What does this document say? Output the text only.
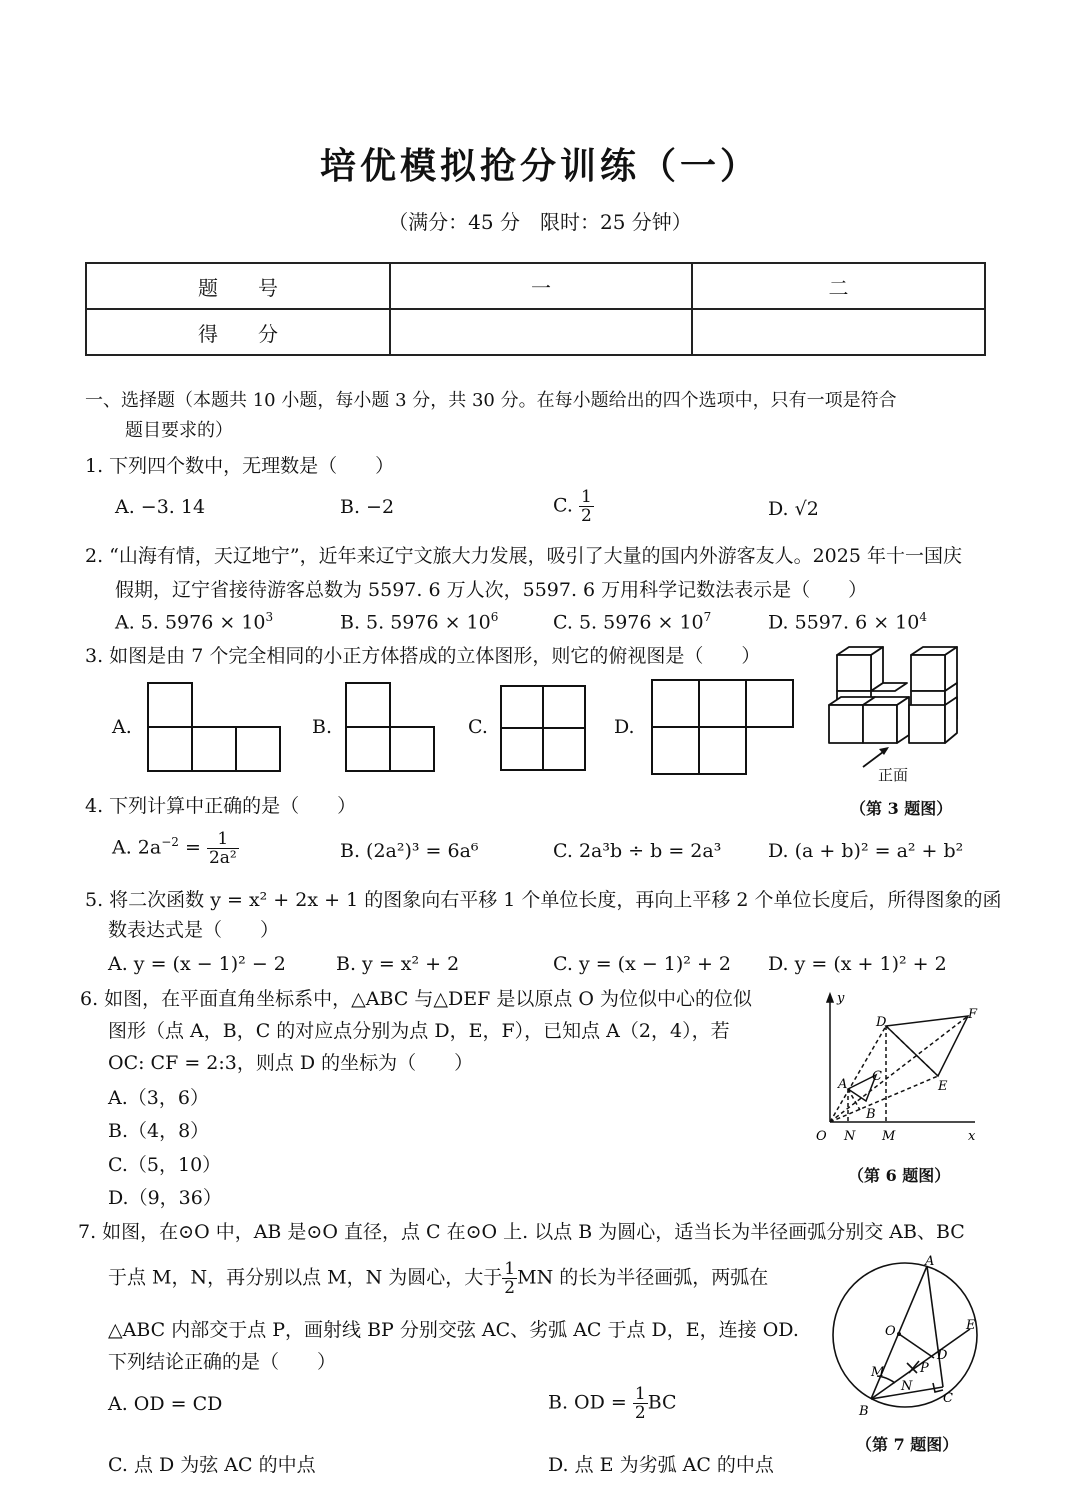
培优模拟抢分训练（一）
（满分：45 分　限时：25 分钟）
题　　号	一	二
得　　分		
一、选择题（本题共 10 小题，每小题 3 分，共 30 分。在每小题给出的四个选项中，只有一项是符合
题目要求的）
1. 下列四个数中，无理数是（　　）
A. −3. 14	B. −2	C. $\frac{1}{2}$	D. √2
2. “山海有情，天辽地宁”，近年来辽宁文旅大力发展，吸引了大量的国内外游客友人。2025 年十一国庆
假期，辽宁省接待游客总数为 5597. 6 万人次，5597. 6 万用科学记数法表示是（　　）
A. 5. $5976 \times 10^3$	B. 5. $5976 \times 10^6$	C. 5. $5976 \times 10^7$	D. 5597. $6 \times 10^4$
3. 如图是由 7 个完全相同的小正方体搭成的立体图形，则它的俯视图是（　　）
A.	B.	C.	D.
正面
（第 3 题图）
4. 下列计算中正确的是（　　）
A. $2a^{-2} = \frac{1}{\text{2a²}}$	B. (2a²)³ = 6a⁶	C. 2a³b ÷ b = 2a³ D. (a + b)² = a² + b²
5. 将二次函数 y = x² + 2x + 1 的图象向右平移 1 个单位长度，再向上平移 2 个单位长度后，所得图象的函
数表达式是（　　）
A. y = (x − 1)² − 2	B. y = x² + 2	C. y = (x − 1)² + 2 D. y = (x + 1)² + 2
6. 如图，在平面直角坐标系中，△ABC 与△DEF 是以原点 O 为位似中心的位似
图形（点 A，B，C 的对应点分别为点 D，E，F），已知点 A（2，4），若
OC: CF = 2:3，则点 D 的坐标为（　　）
A.（3，6）
B.（4，8）
C.（5，10）
D.（9，36）
y
x
O N M
A
B
C
D
E
F
（第 6 题图）
7. 如图，在⊙O 中，AB 是⊙O 直径，点 C 在⊙O 上. 以点 B 为圆心，适当长为半径画弧分别交 AB、BC
于点 M，N，再分别以点 M，N 为圆心，大于 $\frac{1}{2}$ MN 的长为半径画弧，两弧在
△ABC 内部交于点 P，画射线 BP 分别交弦 AC、劣弧 AC 于点 D，E，连接 OD.
下列结论正确的是（　　）
A. OD = CD	B. OD = $\frac{1}{2}$ BC
C. 点 D 为弦 AC 的中点	D. 点 E 为劣弧 AC 的中点
A
B
C
O	E
D
M
N
P
（第 7 题图）
